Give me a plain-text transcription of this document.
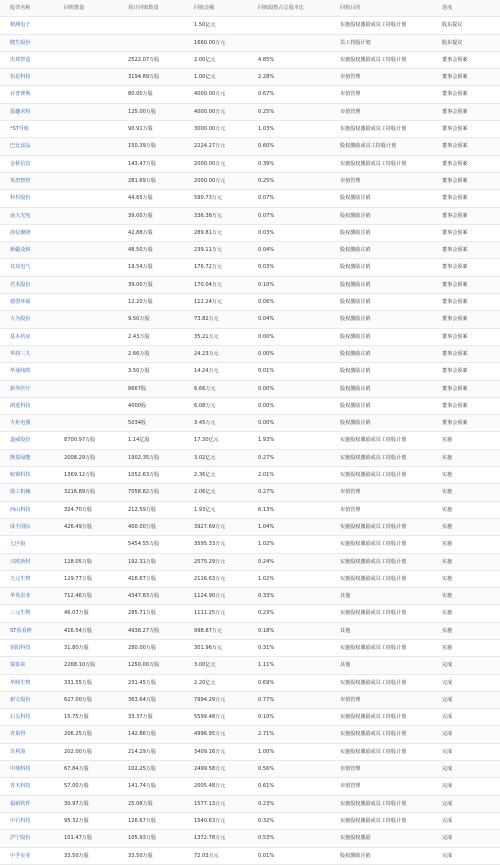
股票名称	回购数量	预计回购数量	回购金额	回购股数占总股本比	回购目的	进度
精测电子			1.50亿元		实施股权激励或员工持股计划	股东提议
健生股份			1660.00万元		员工持股计划	股东提议
杰邦智造		2522.07万股	2.00亿元	4.85%	实施股权激励或员工持股计划	董事会预案
恒星科技		3194.89万股	1.00亿元	2.28%	市值管理	董事会预案
百普赛斯		80.00万股	4000.00万元	0.67%	市值管理	董事会预案
盈趣未特		125.00万股	4000.00万元	0.25%	市值管理	董事会预案
*ST导航		90.91万股	3000.00万元	1.03%	实施股权激励或员工持股计划	董事会预案
巴比食品		150.39万股	2224.27万元	0.60%	股权激励或员工持股计划	董事会预案
金桥信息		143.47万股	2000.00万元	0.39%	实施股权激励或员工持股计划	董事会预案
英唐智控		281.69万股	2000.00万元	0.25%	市值管理	董事会预案
科杉股份		44.65万股	590.73万元	0.07%	股权激励注销	董事会预案
南大光电		39.00万股	336.38万元	0.07%	股权激励注销	董事会预案
海信聚隆		42.88万股	289.81万元	0.03%	股权激励注销	董事会预案
新疆众和		48.50万股	239.11万元	0.04%	股权激励注销	董事会预案
其岚电气		19.54万股	176.72万元	0.03%	股权激励注销	董事会预案
君禾股份		39.00万股	170.04万元	0.10%	股权激励注销	董事会预案
德创环保		12.20万股	112.24万元	0.06%	股权激励注销	董事会预案
大为股份		9.50万股	73.82万元	0.04%	股权激励注销	董事会预案
基本药房		2.43万股	35.21万元	0.00%	股权激励注销	董事会预案
华润三九		2.66万股	24.23万元	0.00%	股权激励注销	董事会预案
华通线缆		3.50万股	14.24万元	0.01%	股权激励注销	董事会预案
新华医疗		8667股	6.66万元	0.00%	股权激励注销	董事会预案
朗进科技		4000股	6.08万元	0.00%	股权激励注销	董事会预案
火炬电器		5034股	3.45万元	0.00%	股权激励注销	董事会预案
道威股份	8700.97万股	1.14亿股	17.30亿元	1.93%	实施股权激励或员工持股计划	实施
隆基绿能	2008.29万股	1902.35万股	3.02亿元	0.27%	实施股权激励或员工持股计划	实施
航锦科技	1369.12万股	1052.63万股	2.36亿元	2.01%	实施股权激励或员工持股计划	实施
徐工机械	3216.89万股	7058.82万股	2.06亿元	0.27%	市值管理	实施
西山科技	324.70万股	212.59万股	1.93亿元	6.13%	市值管理	实施
成手国际	426.49万股	400.00万股	3927.69万元	1.04%	实施股权激励或员工持股计划	实施
七匹狼		5454.55万股	3595.33万元	1.02%	实施股权激励或员工持股计划	实施
兴欧新材	128.05万股	192.31万股	2575.29万元	0.24%	实施股权激励或员工持股计划	实施
天元生物	129.77万股	416.67万股	2116.63万元	1.02%	实施股权激励或员工持股计划	实施
华英农业	712.46万股	4347.83万股	1124.90万元	0.33%	其他	实施
三元生物	46.07万股	285.71万股	1111.25万元	0.23%	实施股权激励或员工持股计划	实施
ST看看钟	416.54万股	4938.27万股	998.87万元	0.18%	其他	实施
钥阳科技	31.80万股	280.00万股	301.96万元	0.31%	实施股权激励或员工持股计划	实施
瑞泰来	2268.10万股	1250.00万股	3.00亿元	1.11%	其他	完成
华熙生物	331.55万股	231.45万股	2.20亿元	0.69%	实施股权激励或员工持股计划	完成
新宝股份	627.00万股	363.64万股	7994.29万元	0.77%	市值管理	完成
石头科技	15.75万股	33.37万股	5599.48万元	0.10%	实施股权激励或员工持股计划	完成
青果得	206.25万股	142.86万股	4996.95万元	2.71%	实施股权激励或员工持股计划	完成
苏利康	202.00万股	214.29万股	3409.16万元	1.00%	实施股权激励或员工持股计划	完成
中鼎科技	67.84万股	102.25万股	2499.58万元	0.56%	市值管理	完成
青木科技	57.00万股	141.74万股	2005.48万元	0.61%	市值管理	完成
福新软件	30.97万股	25.08万股	1577.13万元	0.23%	实施股权激励或员工持股计划	完成
中石科技	95.32万股	126.67万股	1540.63万元	0.32%	实施股权激励或员工持股计划	完成
沪宁股份	101.47万股	105.93万股	1372.78万元	0.53%	实施股权激励	完成
中孚实业	33.50万股	33.50万股	72.03万元	0.01%	股权激励注销	完成
